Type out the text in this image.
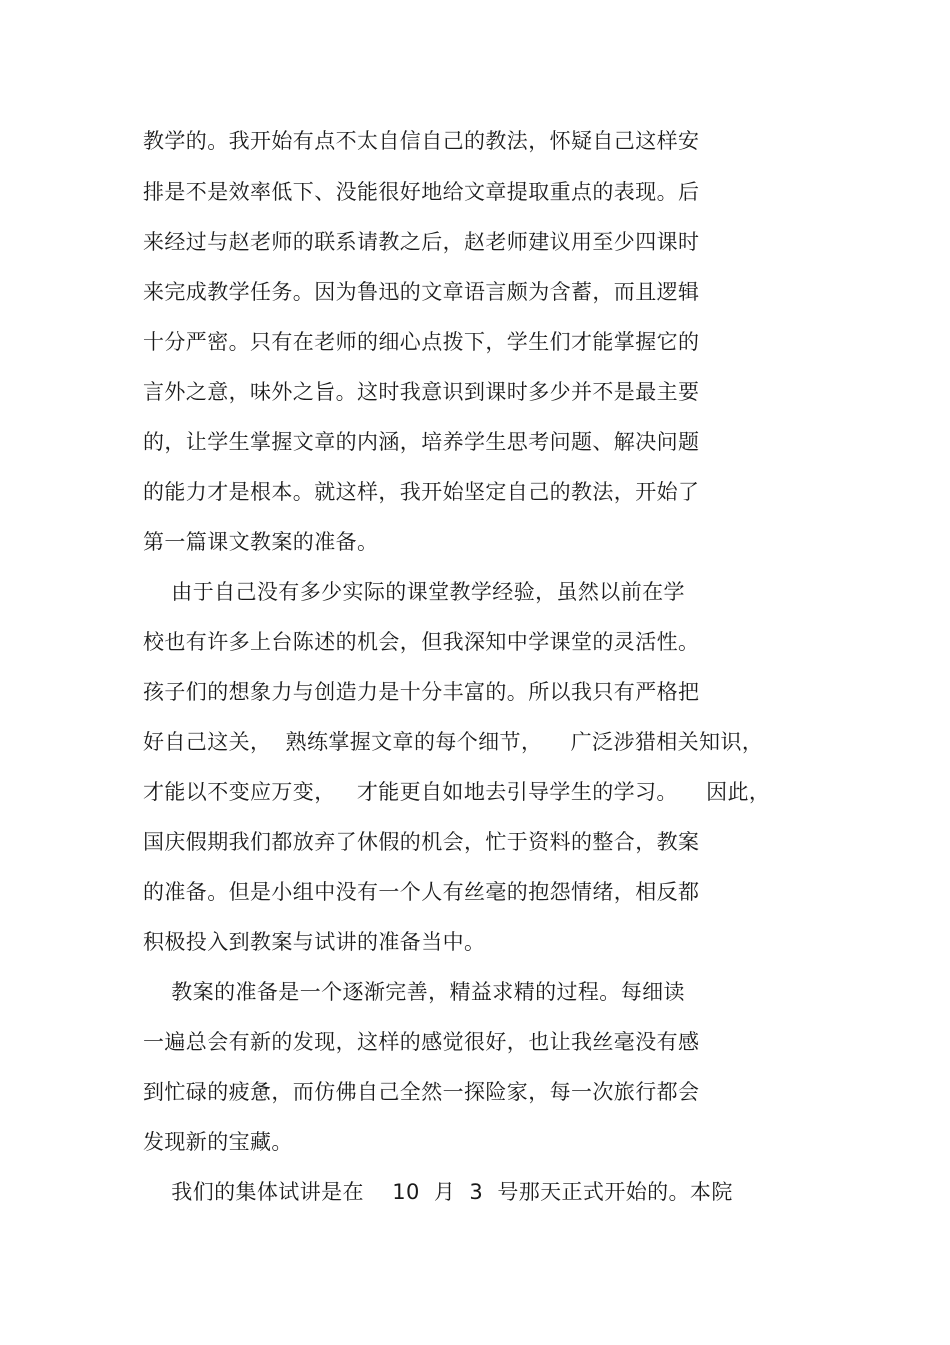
教学的。我开始有点不太自信自己的教法，怀疑自己这样安
排是不是效率低下、没能很好地给文章提取重点的表现。后
来经过与赵老师的联系请教之后，赵老师建议用至少四课时
来完成教学任务。因为鲁迅的文章语言颇为含蓄，而且逻辑
十分严密。只有在老师的细心点拨下，学生们才能掌握它的
言外之意，味外之旨。这时我意识到课时多少并不是最主要
的，让学生掌握文章的内涵，培养学生思考问题、解决问题
的能力才是根本。就这样，我开始坚定自己的教法，开始了
第一篇课文教案的准备。
由于自己没有多少实际的课堂教学经验，虽然以前在学
校也有许多上台陈述的机会，但我深知中学课堂的灵活性。
孩子们的想象力与创造力是十分丰富的。所以我只有严格把
好自己这关，  熟练掌握文章的每个细节，    广泛涉猎相关知识，
才能以不变应万变，   才能更自如地去引导学生的学习。    因此，
国庆假期我们都放弃了休假的机会，忙于资料的整合，教案
的准备。但是小组中没有一个人有丝毫的抱怨情绪，相反都
积极投入到教案与试讲的准备当中。
教案的准备是一个逐渐完善，精益求精的过程。每细读
一遍总会有新的发现，这样的感觉很好，也让我丝毫没有感
到忙碌的疲惫，而仿佛自己全然一探险家，每一次旅行都会
发现新的宝藏。
我们的集体试讲是在    10  月  3  号那天正式开始的。本院
